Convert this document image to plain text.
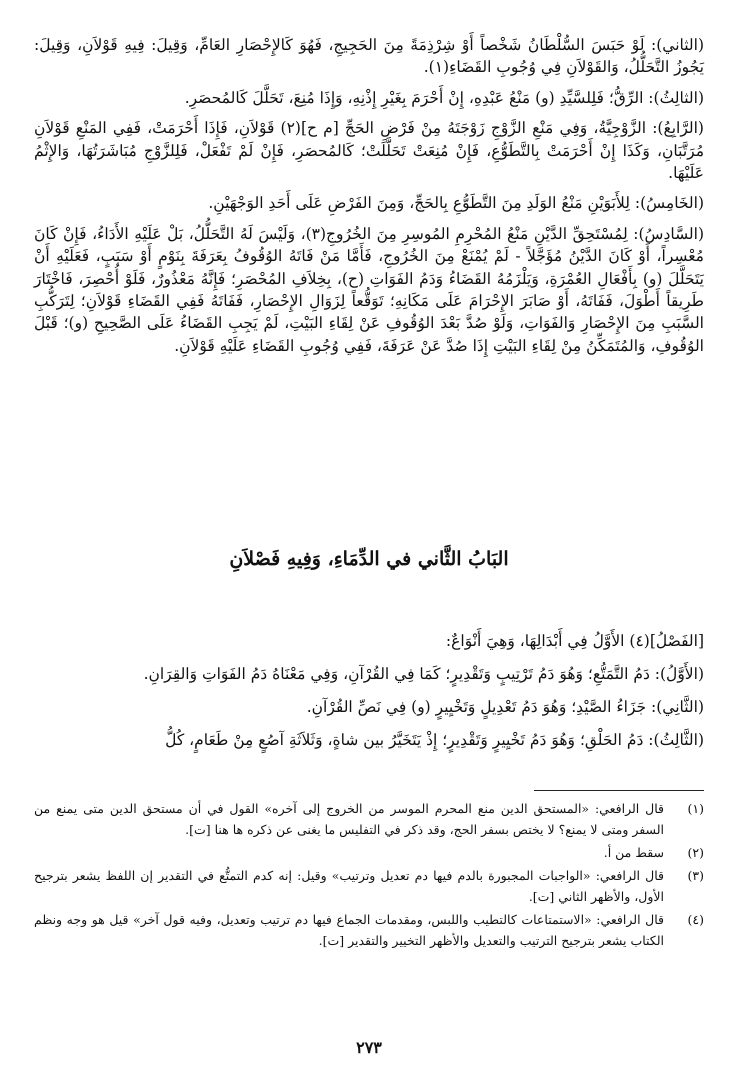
(الثاني): لَوْ حَبَسَ السُّلْطَانُ شَخْصاً أَوْ شِرْذِمَةً مِنَ الحَجِيجِ، فَهُوَ كَالإِحْصَارِ العَامِّ، وَقِيلَ: فِيهِ قَوْلاَنِ، وَقِيلَ: يَجُوزُ التَّحَلُّلُ، وَالقَوْلاَنِ فِي وُجُوبِ القَضَاءِ(١).

(الثالِثُ): الرِّقُّ؛ فَلِلسَّيِّدِ (و) مَنْعُ عَبْدِهِ، إِنْ أَحْرَمَ بِغَيْرِ إِذْنِهِ، وَإِذَا مُنِعَ، تَحَلَّلَ كَالمُحصَرِ.

(الرَّابِعُ): الزَّوْجِيَّةُ، وَفِي مَنْعِ الزَّوْجِ زَوْجَتَهُ مِنْ فَرْضِ الحَجِّ [م ح](٢) قَوْلاَنِ، فَإِذَا أَحْرَمَتْ، فَفِي المَنْعِ قَوْلاَنِ مُرَتَّبَانِ، وَكَذَا إِنْ أَحْرَمَتْ بِالتَّطَوُّعِ، فَإِنْ مُنِعَتْ تَحَلَّلَتْ؛ كَالمُحصَرِ، فَإِنْ لَمْ تَفْعَلْ، فَلِلزَّوْجِ مُبَاشَرَتُهَا، وَالإِثْمُ عَلَيْهَا.

(الخَامِسُ): لِلأَبَوَيْنِ مَنْعُ الوَلَدِ مِنَ التَّطَوُّعِ بِالحَجِّ، وَمِنَ الفَرْضِ عَلَى أَحَدِ الوَجْهَيْنِ.

(السَّادِسُ): لِمُسْتَحِقِّ الدَّيْنِ مَنْعُ المُحْرِمِ المُوسِرِ مِنَ الخُرُوجِ(٣)، وَلَيْسَ لَهُ التَّحَلُّلُ، بَلْ عَلَيْهِ الأَدَاءُ، فَإِنْ كَانَ مُعْسِراً، أَوْ كَانَ الدَّيْنُ مُؤَجَّلاً - لَمْ يُمْنَعْ مِنَ الخُرُوجِ، فَأَمَّا مَنْ فَاتَهُ الوُقُوفُ بِعَرَفَةَ بِنَوْمٍ أَوْ سَبَبٍ، فَعَلَيْهِ أَنْ يَتَحَلَّلَ (و) بِأَفْعَالِ العُمْرَةِ، وَيَلْزَمُهُ القَضَاءُ وَدَمُ الفَوَاتِ (ح)، بِخِلاَفِ المُحْصَرِ؛ فَإِنَّهُ مَعْذُورٌ، فَلَوْ أُحْصِرَ، فَاخْتَارَ طَرِيقاً أَطْوَلَ، فَفَاتَهُ، أَوْ صَابَرَ الإِحْرَامَ عَلَى مَكَانِهِ؛ تَوَقُّعاً لِزَوَالِ الإِحْصَارِ، فَفَاتَهُ فَفِي القَضَاءِ قَوْلاَنِ؛ لِتَرَكُّبِ السَّبَبِ مِنَ الإِحْصَارِ وَالفَوَاتِ، وَلَوْ صُدَّ بَعْدَ الوُقُوفِ عَنْ لِقَاءِ البَيْتِ، لَمْ يَجِبِ القَضَاءُ عَلَى الصَّحِيحِ (و)؛ قَبْلَ الوُقُوفِ، وَالمُتَمَكِّنُ مِنْ لِقَاءِ البَيْتِ إِذَا صُدَّ عَنْ عَرَفَةَ، فَفِي وُجُوبِ القَضَاءِ عَلَيْهِ قَوْلاَنِ.

البَابُ الثَّاني في الدِّمَاءِ، وَفِيهِ فَصْلاَنِ

[الفَصْلُ](٤) الأَوَّلُ فِي أَبْدَالِهَا، وَهِيَ أَنْوَاعٌ:

(الأَوَّلُ): دَمُ التَّمَتُّعِ؛ وَهُوَ دَمُ تَرْتِيبٍ وَتَقْدِيرٍ؛ كَمَا فِي القُرْآنِ، وَفِي مَعْنَاهُ دَمُ الفَوَاتِ وَالقِرَانِ.

(الثَّانِي): جَزَاءُ الصَّيْدِ؛ وَهُوَ دَمُ تَعْدِيلٍ وَتَخْيِيرٍ (و) فِي نَصِّ القُرْآنِ.

(الثَّالِثُ): دَمُ الحَلْقِ؛ وَهُوَ دَمُ تَخْيِيرٍ وَتَقْدِيرٍ؛ إِذْ يَتَخَيَّرُ بين شاةٍ، وَثَلاَثَةِ آصُعٍ مِنْ طَعَامٍ، كُلُّ

(١)
قال الرافعي: «المستحق الدين منع المحرم الموسر من الخروج إلى آخره» القول في أن مستحق الدين متى يمنع من السفر ومتى لا يمنع؟ لا يختص بسفر الحج، وقد ذكر في التفليس ما يغنى عن ذكره ها هنا [ت].
(٢)
سقط من أ.
(٣)
قال الرافعي: «الواجبات المجبورة بالدم فيها دم تعديل وترتيب» وقيل: إنه كدم التمتُّع في التقدير إن اللفظ يشعر بترجيح الأول، والأظهر الثاني [ت].
(٤)
قال الرافعي: «الاستمتاعات كالتطيب واللبس، ومقدمات الجماع فيها دم ترتيب وتعديل، وفيه قول آخر» قيل هو وجه ونظم الكتاب يشعر بترجيح الترتيب والتعديل والأظهر التخيير والتقدير [ت].
٢٧٣
